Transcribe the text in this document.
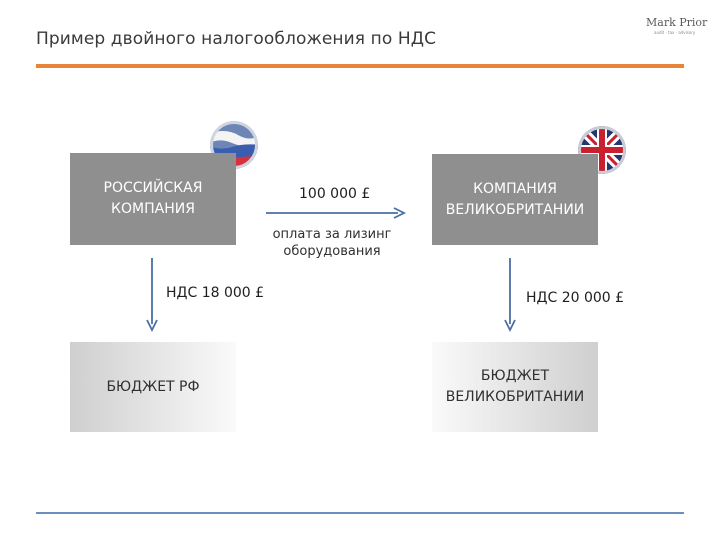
Пример двойного налогообложения по НДС
Mark Prior
audit · tax · advisory
РОССИЙСКАЯ
КОМПАНИЯ
КОМПАНИЯ
ВЕЛИКОБРИТАНИИ
БЮДЖЕТ РФ
БЮДЖЕТ
ВЕЛИКОБРИТАНИИ
100 000 £
оплата за лизинг
оборудования
НДС 18 000 £	НДС 20 000 £
